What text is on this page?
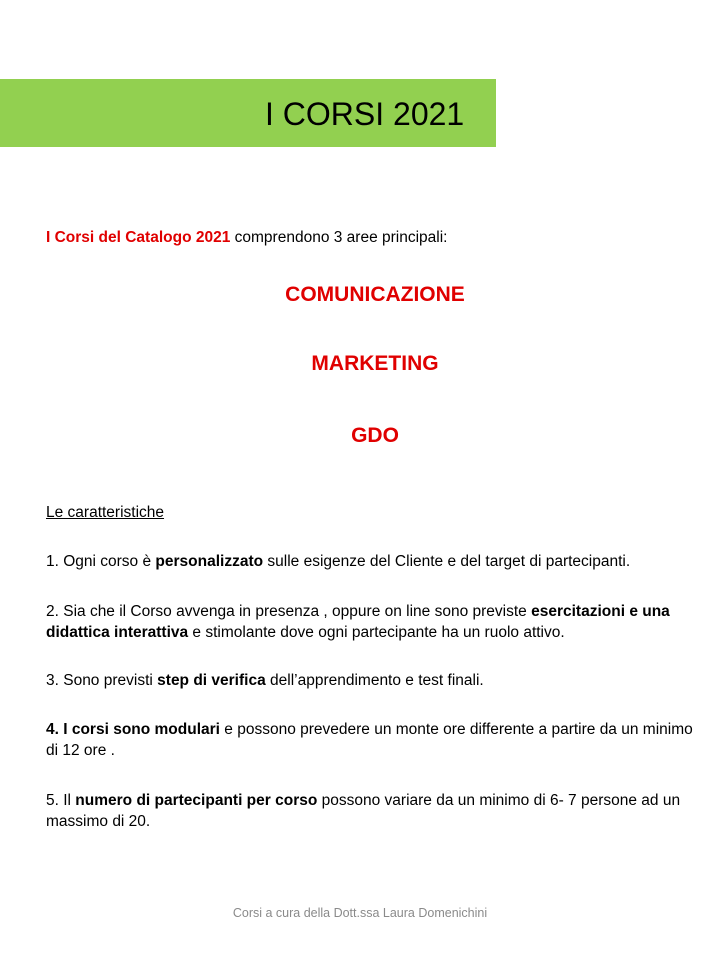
I CORSI 2021
I Corsi del Catalogo 2021 comprendono 3 aree principali:
COMUNICAZIONE
MARKETING
GDO
Le caratteristiche
1. Ogni corso è personalizzato sulle esigenze del Cliente e del target di partecipanti.
2. Sia che il Corso avvenga in presenza , oppure on line sono previste esercitazioni e una didattica interattiva e stimolante dove ogni partecipante ha un ruolo attivo.
3. Sono previsti step di verifica dell’apprendimento e test finali.
4. I corsi sono modulari e possono prevedere un monte ore differente a partire da un minimo di 12 ore .
5. Il numero di partecipanti per corso possono variare da un minimo di 6- 7 persone ad un massimo di 20.
Corsi a cura della Dott.ssa Laura Domenichini
